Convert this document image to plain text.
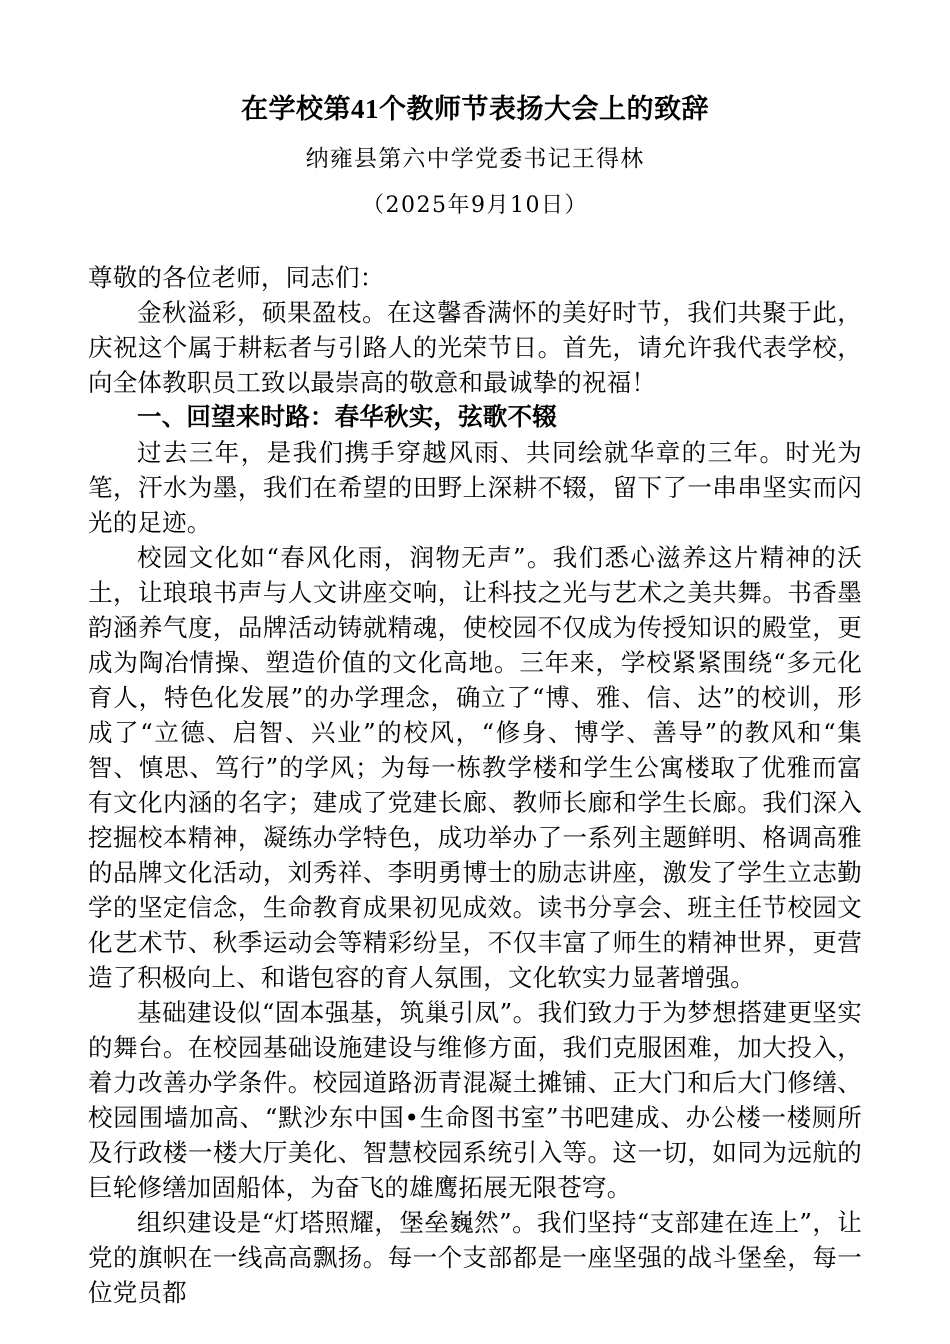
在学校第41个教师节表扬大会上的致辞
纳雍县第六中学党委书记王得林
（2025年9月10日）

尊敬的各位老师，同志们：

金秋溢彩，硕果盈枝。在这馨香满怀的美好时节，我们共聚于此，庆祝这个属于耕耘者与引路人的光荣节日。首先，请允许我代表学校，向全体教职员工致以最崇高的敬意和最诚挚的祝福！

一、回望来时路：春华秋实，弦歌不辍

过去三年，是我们携手穿越风雨、共同绘就华章的三年。时光为笔，汗水为墨，我们在希望的田野上深耕不辍，留下了一串串坚实而闪光的足迹。

校园文化如“春风化雨，润物无声”。我们悉心滋养这片精神的沃土，让琅琅书声与人文讲座交响，让科技之光与艺术之美共舞。书香墨韵涵养气度，品牌活动铸就精魂，使校园不仅成为传授知识的殿堂，更成为陶冶情操、塑造价值的文化高地。三年来，学校紧紧围绕“多元化育人，特色化发展”的办学理念，确立了“博、雅、信、达”的校训，形成了“立德、启智、兴业”的校风，“修身、博学、善导”的教风和“集智、慎思、笃行”的学风；为每一栋教学楼和学生公寓楼取了优雅而富有文化内涵的名字；建成了党建长廊、教师长廊和学生长廊。我们深入挖掘校本精神，凝练办学特色，成功举办了一系列主题鲜明、格调高雅的品牌文化活动，刘秀祥、李明勇博士的励志讲座，激发了学生立志勤学的坚定信念，生命教育成果初见成效。读书分享会、班主任节校园文化艺术节、秋季运动会等精彩纷呈，不仅丰富了师生的精神世界，更营造了积极向上、和谐包容的育人氛围，文化软实力显著增强。

基础建设似“固本强基，筑巢引凤”。我们致力于为梦想搭建更坚实的舞台。在校园基础设施建设与维修方面，我们克服困难，加大投入，着力改善办学条件。校园道路沥青混凝土摊铺、正大门和后大门修缮、校园围墙加高、“默沙东中国•生命图书室”书吧建成、办公楼一楼厕所及行政楼一楼大厅美化、智慧校园系统引入等。这一切，如同为远航的巨轮修缮加固船体，为奋飞的雄鹰拓展无限苍穹。

组织建设是“灯塔照耀，堡垒巍然”。我们坚持“支部建在连上”，让党的旗帜在一线高高飘扬。每一个支部都是一座坚强的战斗堡垒，每一位党员都
